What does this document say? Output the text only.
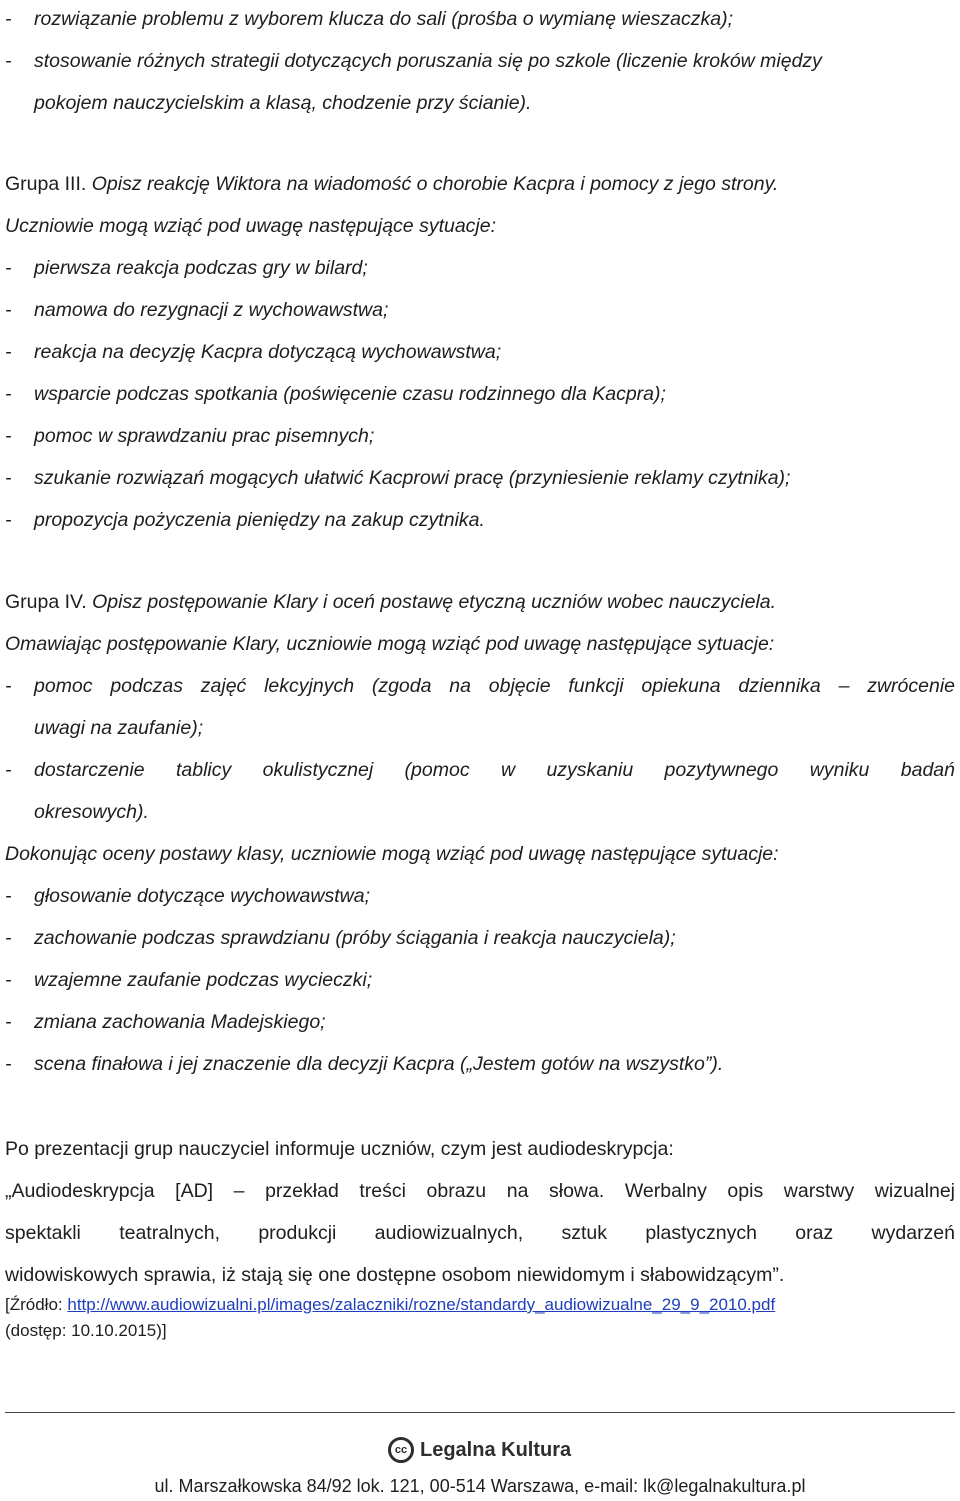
- rozwiązanie problemu z wyborem klucza do sali (prośba o wymianę wieszaczka);
- stosowanie różnych strategii dotyczących poruszania się po szkole (liczenie kroków między
pokojem nauczycielskim a klasą, chodzenie przy ścianie).
Grupa III. Opisz reakcję Wiktora na wiadomość o chorobie Kacpra i pomocy z jego strony.
Uczniowie mogą wziąć pod uwagę następujące sytuacje:
- pierwsza reakcja podczas gry w bilard;
- namowa do rezygnacji z wychowawstwa;
- reakcja na decyzję Kacpra dotyczącą wychowawstwa;
- wsparcie podczas spotkania (poświęcenie czasu rodzinnego dla Kacpra);
- pomoc w sprawdzaniu prac pisemnych;
- szukanie rozwiązań mogących ułatwić Kacprowi pracę (przyniesienie reklamy czytnika);
- propozycja pożyczenia pieniędzy na zakup czytnika.
Grupa IV. Opisz postępowanie Klary i oceń postawę etyczną uczniów wobec nauczyciela.
Omawiając postępowanie Klary, uczniowie mogą wziąć pod uwagę następujące sytuacje:
- pomoc podczas zajęć lekcyjnych (zgoda na objęcie funkcji opiekuna dziennika – zwrócenie
uwagi na zaufanie);
- dostarczenie tablicy okulistycznej (pomoc w uzyskaniu pozytywnego wyniku badań
okresowych).
Dokonując oceny postawy klasy, uczniowie mogą wziąć pod uwagę następujące sytuacje:
- głosowanie dotyczące wychowawstwa;
- zachowanie podczas sprawdzianu (próby ściągania i reakcja nauczyciela);
- wzajemne zaufanie podczas wycieczki;
- zmiana zachowania Madejskiego;
- scena finałowa i jej znaczenie dla decyzji Kacpra („Jestem gotów na wszystko”).
Po prezentacji grup nauczyciel informuje uczniów, czym jest audiodeskrypcja:
„Audiodeskrypcja [AD] – przekład treści obrazu na słowa. Werbalny opis warstwy wizualnej
spektakli teatralnych, produkcji audiowizualnych, sztuk plastycznych oraz wydarzeń
widowiskowych sprawia, iż stają się one dostępne osobom niewidomym i słabowidzącym”.
[Źródło: http://www.audiowizualni.pl/images/zalaczniki/rozne/standardy_audiowizualne_29_9_2010.pdf
(dostęp: 10.10.2015)]
cc Legalna Kultura
ul. Marszałkowska 84/92 lok. 121, 00-514 Warszawa, e-mail: lk@legalnakultura.pl
